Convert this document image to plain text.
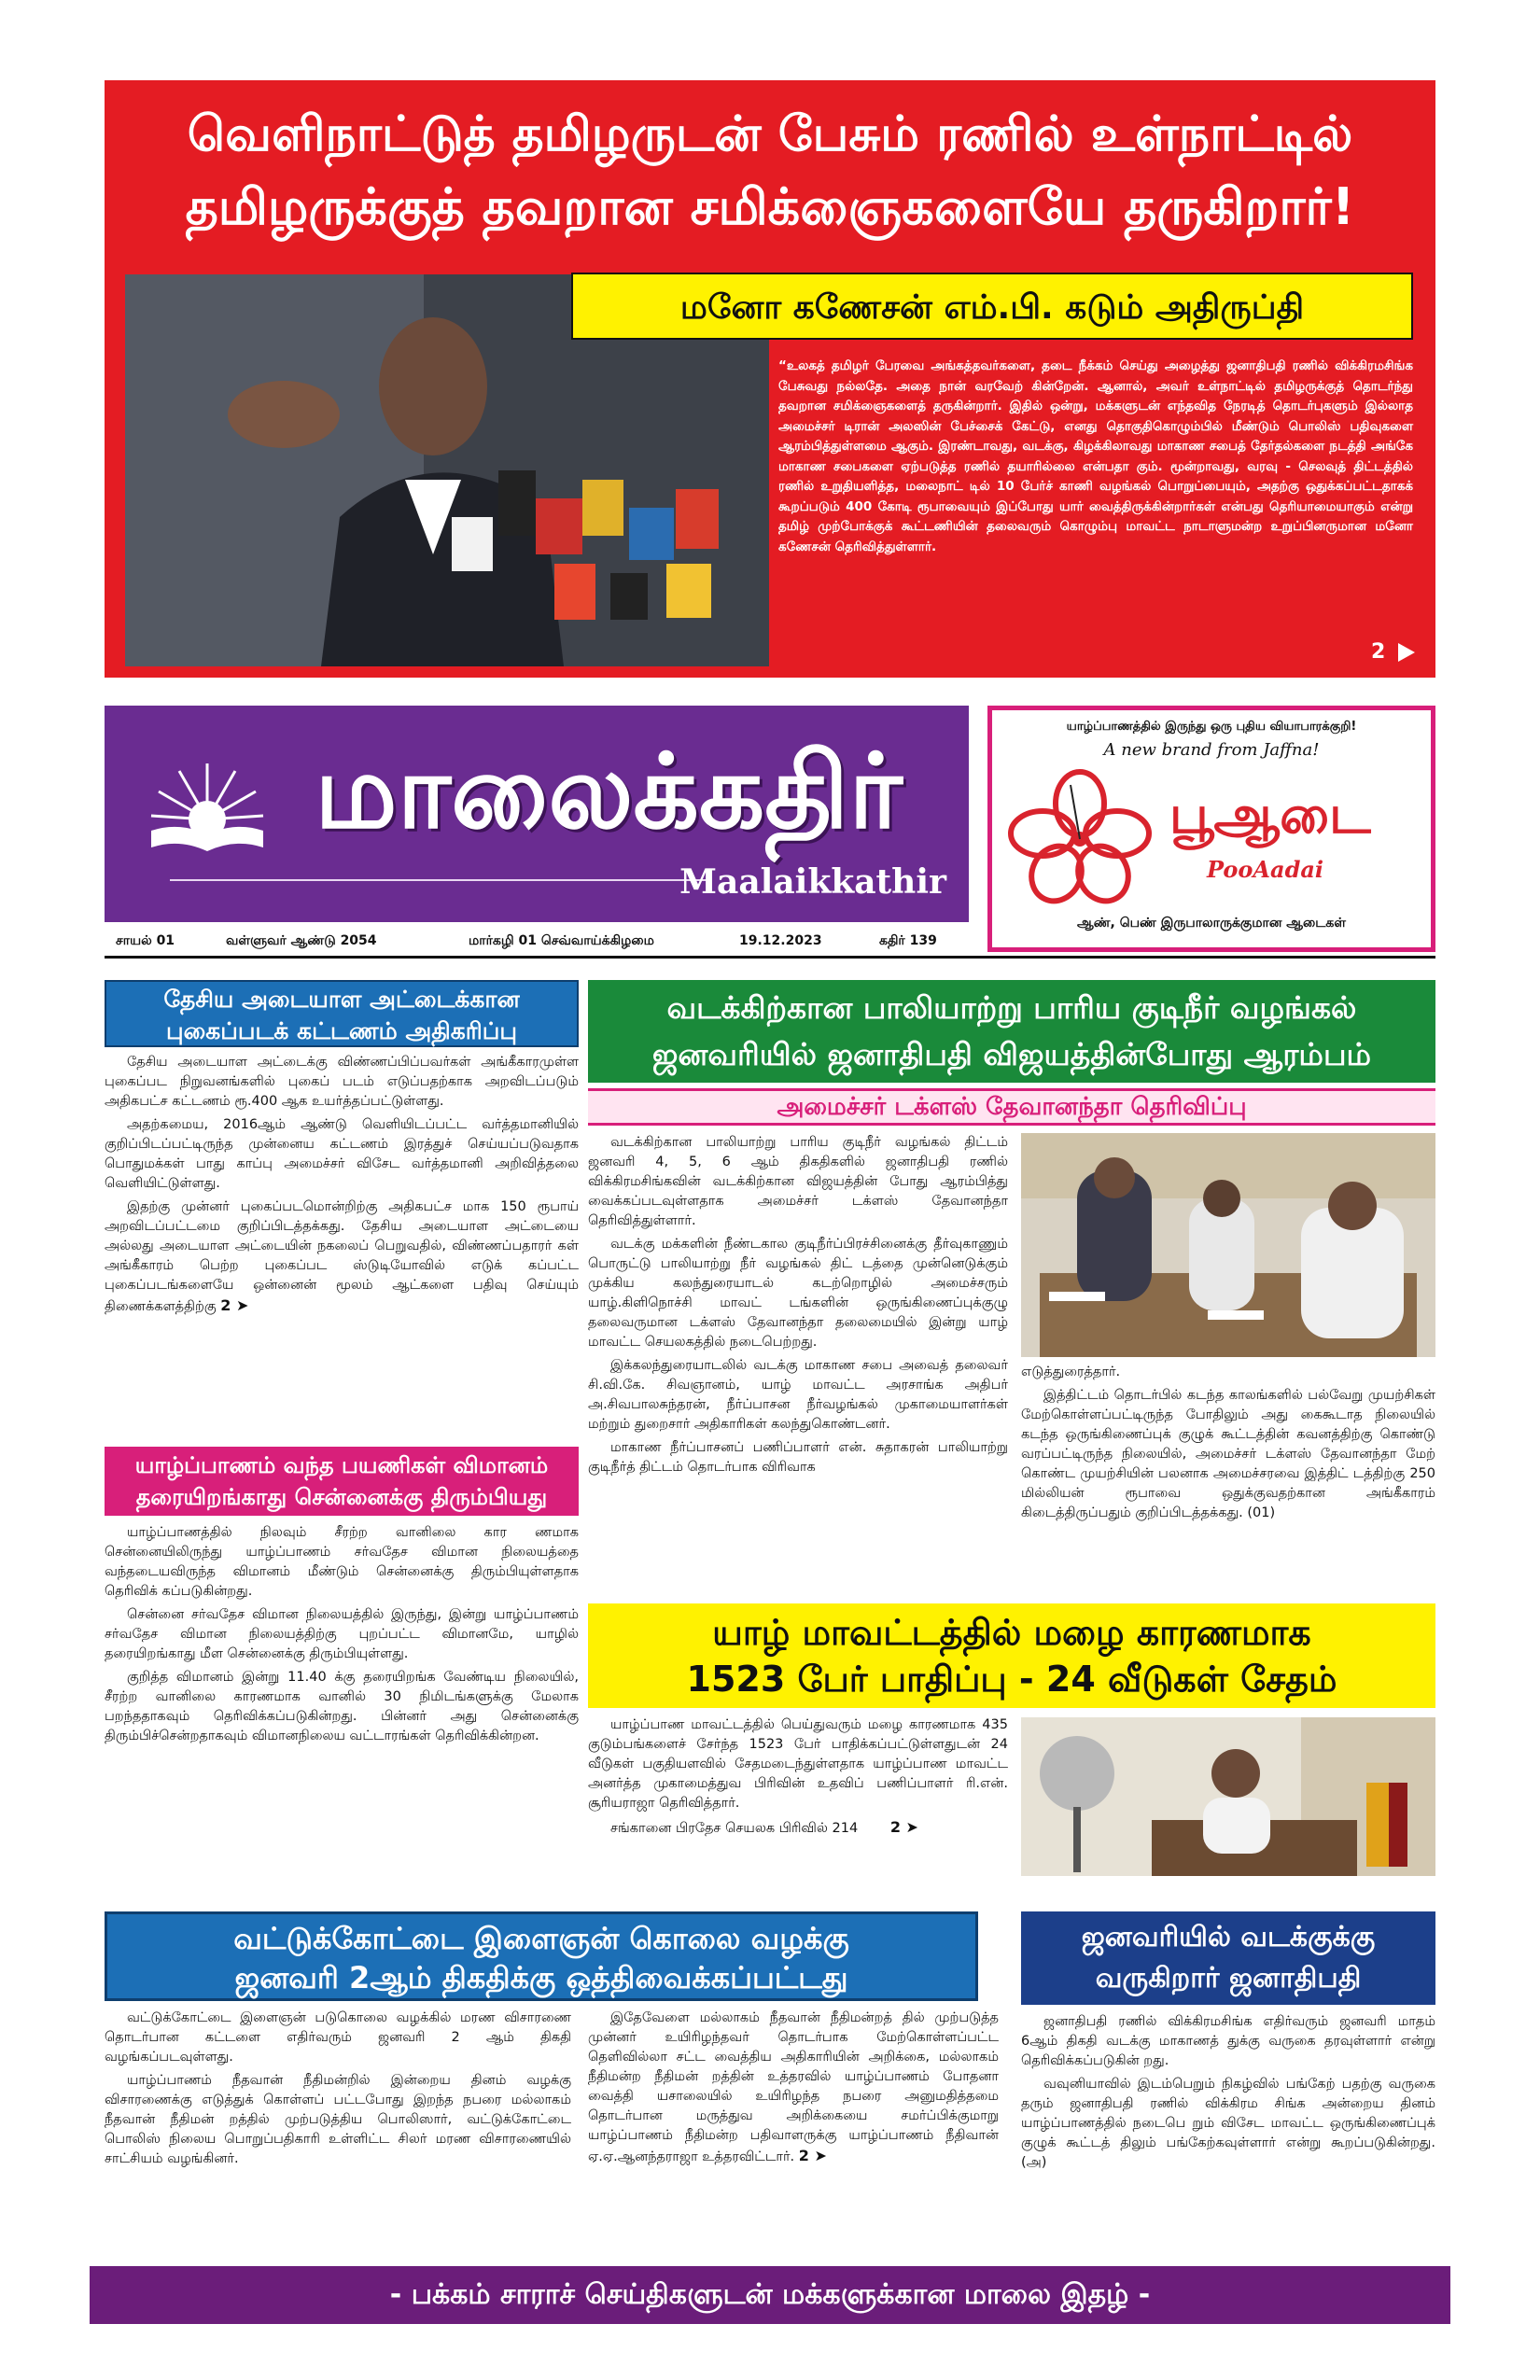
வெளிநாட்டுத் தமிழருடன் பேசும் ரணில் உள்நாட்டில்
தமிழருக்குத் தவறான சமிக்ஞைகளையே தருகிறார்!
மனோ கணேசன் எம்.பி. கடும் அதிருப்தி
“உலகத் தமிழர் பேரவை அங்கத்தவர்களை, தடை நீக்கம் செய்து அழைத்து ஜனாதிபதி ரணில் விக்கிரமசிங்க பேசுவது நல்லதே. அதை நான் வரவேற் கின்றேன். ஆனால், அவர் உள்நாட்டில் தமிழருக்குத் தொடர்ந்து தவறான சமிக்ஞைகளைத் தருகின்றார். இதில் ஒன்று, மக்களுடன் எந்தவித நேரடித் தொடர்புகளும் இல்லாத அமைச்சர் டிரான் அலஸின் பேச்சைக் கேட்டு, எனது தொகுதிகொழும்பில் மீண்டும் பொலிஸ் பதிவுகளை ஆரம்பித்துள்ளமை ஆகும். இரண்டாவது, வடக்கு, கிழக்கிலாவது மாகாண சபைத் தேர்தல்களை நடத்தி அங்கே மாகாண சபைகளை ஏற்படுத்த ரணில் தயாரில்லை என்பதா கும். மூன்றாவது, வரவு - செலவுத் திட்டத்தில் ரணில் உறுதியளித்த, மலைநாட் டில் 10 பேர்ச் காணி வழங்கல் பொறுப்பையும், அதற்கு ஒதுக்கப்பட்டதாகக் கூறப்படும் 400 கோடி ரூபாவையும் இப்போது யார் வைத்திருக்கின்றார்கள் என்பது தெரியாமையாகும் என்று தமிழ் முற்போக்குக் கூட்டணியின் தலைவரும் கொழும்பு மாவட்ட நாடாளுமன்ற உறுப்பினருமான மனோ கணேசன் தெரிவித்துள்ளார்.
2
மாலைக்கதிர்
Maalaikkathir
யாழ்ப்பாணத்தில் இருந்து ஒரு புதிய வியாபாரக்குறி!
A new brand from Jaffna!
பூஆடை
PooAadai
ஆண், பெண் இருபாலாருக்குமான ஆடைகள்
சாயல் 01	வள்ளுவர் ஆண்டு 2054	மார்கழி 01 செவ்வாய்க்கிழமை	19.12.2023	கதிர் 139
தேசிய அடையாள அட்டைக்கான புகைப்படக் கட்டணம் அதிகரிப்பு

தேசிய அடையாள அட்டைக்கு விண்ணப்பிப்பவர்கள் அங்கீகாரமுள்ள புகைப்பட நிறுவனங்களில் புகைப் படம் எடுப்பதற்காக அறவிடப்படும் அதிகபட்ச கட்டணம் ரூ.400 ஆக உயர்த்தப்பட்டுள்ளது.

அதற்கமைய, 2016ஆம் ஆண்டு வெளியிடப்பட்ட வர்த்தமானியில் குறிப்பிடப்பட்டிருந்த முன்னைய கட்டணம் இரத்துச் செய்யப்படுவதாக பொதுமக்கள் பாது காப்பு அமைச்சர் விசேட வர்த்தமானி அறிவித்தலை வெளியிட்டுள்ளது.

இதற்கு முன்னர் புகைப்படமொன்றிற்கு அதிகபட்ச மாக 150 ரூபாய் அறவிடப்பட்டமை குறிப்பிடத்தக்கது. தேசிய அடையாள அட்டையை அல்லது அடையாள அட்டையின் நகலைப் பெறுவதில், விண்ணப்பதாரர் கள் அங்கீகாரம் பெற்ற புகைப்பட ஸ்டுடியோவில் எடுக் கப்பட்ட புகைப்படங்களையே ஒன்னைன் மூலம் ஆட்களை பதிவு செய்யும் திணைக்களத்திற்கு 2 ➤

யாழ்ப்பாணம் வந்த பயணிகள் விமானம் தரையிறங்காது சென்னைக்கு திரும்பியது

யாழ்ப்பாணத்தில் நிலவும் சீரற்ற வானிலை கார ணமாக சென்னையிலிருந்து யாழ்ப்பாணம் சர்வதேச விமான நிலையத்தை வந்தடையவிருந்த விமானம் மீண்டும் சென்னைக்கு திரும்பியுள்ளதாக தெரிவிக் கப்படுகின்றது.

சென்னை சர்வதேச விமான நிலையத்தில் இருந்து, இன்று யாழ்ப்பாணம் சர்வதேச விமான நிலையத்திற்கு புறப்பட்ட விமானமே, யாழில் தரையிறங்காது மீள சென்னைக்கு திரும்பியுள்ளது.

குறித்த விமானம் இன்று 11.40 க்கு தரையிறங்க வேண்டிய நிலையில், சீரற்ற வானிலை காரணமாக வானில் 30 நிமிடங்களுக்கு மேலாக பறந்ததாகவும் தெரிவிக்கப்படுகின்றது. பின்னர் அது சென்னைக்கு திரும்பிச்சென்றதாகவும் விமானநிலைய வட்டாரங்கள் தெரிவிக்கின்றன.

வடக்கிற்கான பாலியாற்று பாரிய குடிநீர் வழங்கல்
ஜனவரியில் ஜனாதிபதி விஜயத்தின்போது ஆரம்பம்
அமைச்சர் டக்ளஸ் தேவானந்தா தெரிவிப்பு

வடக்கிற்கான பாலியாற்று பாரிய குடிநீர் வழங்கல் திட்டம் ஜனவரி 4, 5, 6 ஆம் திகதிகளில் ஜனாதிபதி ரணில் விக்கிரமசிங்கவின் வடக்கிற்கான விஜயத்தின் போது ஆரம்பித்து வைக்கப்படவுள்ளதாக அமைச்சர் டக்ளஸ் தேவானந்தா தெரிவித்துள்ளார்.

வடக்கு மக்களின் நீண்டகால குடிநீர்ப்பிரச்சினைக்கு தீர்வுகாணும் பொருட்டு பாலியாற்று நீர் வழங்கல் திட் டத்தை முன்னெடுக்கும் முக்கிய கலந்துரையாடல் கடற்றொழில் அமைச்சரும் யாழ்.கிளிநொச்சி மாவட் டங்களின் ஒருங்கிணைப்புக்குழு தலைவருமான டக்ளஸ் தேவானந்தா தலைமையில் இன்று யாழ் மாவட்ட செயலகத்தில் நடைபெற்றது.

இக்கலந்துரையாடலில் வடக்கு மாகாண சபை அவைத் தலைவர் சி.வி.கே. சிவஞானம், யாழ் மாவட்ட அரசாங்க அதிபர் அ.சிவபாலசுந்தரன், நீர்ப்பாசன நீர்வழங்கல் முகாமையாளர்கள் மற்றும் துறைசார் அதிகாரிகள் கலந்துகொண்டனர்.

மாகாண நீர்ப்பாசனப் பணிப்பாளர் என். சுதாகரன் பாலியாற்று குடிநீர்த் திட்டம் தொடர்பாக விரிவாக

எடுத்துரைத்தார்.

இத்திட்டம் தொடர்பில் கடந்த காலங்களில் பல்வேறு முயற்சிகள் மேற்கொள்ளப்பட்டிருந்த போதிலும் அது கைகூடாத நிலையில் கடந்த ஒருங்கிணைப்புக் குழுக் கூட்டத்தின் கவனத்திற்கு கொண்டு வரப்பட்டிருந்த நிலையில், அமைச்சர் டக்ளஸ் தேவானந்தா மேற் கொண்ட முயற்சியின் பலனாக அமைச்சரவை இத்திட் டத்திற்கு 250 மில்லியன் ரூபாவை ஒதுக்குவதற்கான அங்கீகாரம் கிடைத்திருப்பதும் குறிப்பிடத்தக்கது. (01)

யாழ் மாவட்டத்தில் மழை காரணமாக
1523 பேர் பாதிப்பு - 24 வீடுகள் சேதம்

யாழ்ப்பாண மாவட்டத்தில் பெய்துவரும் மழை காரணமாக 435 குடும்பங்களைச் சேர்ந்த 1523 பேர் பாதிக்கப்பட்டுள்ளதுடன் 24 வீடுகள் பகுதியளவில் சேதமடைந்துள்ளதாக யாழ்ப்பாண மாவட்ட அனர்த்த முகாமைத்துவ பிரிவின் உதவிப் பணிப்பாளர் ரி.என். சூரியராஜா தெரிவித்தார்.

சங்கானை பிரதேச செயலக பிரிவில் 214 2 ➤

வட்டுக்கோட்டை இளைஞன் கொலை வழக்கு
ஜனவரி 2ஆம் திகதிக்கு ஒத்திவைக்கப்பட்டது

வட்டுக்கோட்டை இளைஞன் படுகொலை வழக்கில் மரண விசாரணை தொடர்பான கட்டளை எதிர்வரும் ஜனவரி 2 ஆம் திகதி வழங்கப்படவுள்ளது.

யாழ்ப்பாணம் நீதவான் நீதிமன்றில் இன்றைய தினம் வழக்கு விசாரணைக்கு எடுத்துக் கொள்ளப் பட்டபோது இறந்த நபரை மல்லாகம் நீதவான் நீதிமன் றத்தில் முற்படுத்திய பொலிஸார், வட்டுக்கோட்டை பொலிஸ் நிலைய பொறுப்பதிகாரி உள்ளிட்ட சிலர் மரண விசாரணையில் சாட்சியம் வழங்கினர்.

இதேவேளை மல்லாகம் நீதவான் நீதிமன்றத் தில் முற்படுத்த முன்னர் உயிரிழந்தவர் தொடர்பாக மேற்கொள்ளப்பட்ட தெளிவில்லா சட்ட வைத்திய அதிகாரியின் அறிக்கை, மல்லாகம் நீதிமன்ற நீதிமன் றத்தின் உத்தரவில் யாழ்ப்பாணம் போதனா வைத்தி யசாலையில் உயிரிழந்த நபரை அனுமதித்தமை தொடர்பான மருத்துவ அறிக்கையை சமர்ப்பிக்குமாறு யாழ்ப்பாணம் நீதிமன்ற பதிவாளருக்கு யாழ்ப்பாணம் நீதிவான் ஏ.ஏ.ஆனந்தராஜா உத்தரவிட்டார். 2 ➤

ஜனவரியில் வடக்குக்கு
வருகிறார் ஜனாதிபதி

ஜனாதிபதி ரணில் விக்கிரமசிங்க எதிர்வரும் ஜனவரி மாதம் 6ஆம் திகதி வடக்கு மாகாணத் துக்கு வருகை தரவுள்ளார் என்று தெரிவிக்கப்படுகின் றது.

வவுனியாவில் இடம்பெறும் நிகழ்வில் பங்கேற் பதற்கு வருகை தரும் ஜனாதிபதி ரணில் விக்கிரம சிங்க அன்றைய தினம் யாழ்ப்பாணத்தில் நடைபெ றும் விசேட மாவட்ட ஒருங்கிணைப்புக் குழுக் கூட்டத் திலும் பங்கேற்கவுள்ளார் என்று கூறப்படுகின்றது. (அ)

- பக்கம் சாராச் செய்திகளுடன் மக்களுக்கான மாலை இதழ் -
